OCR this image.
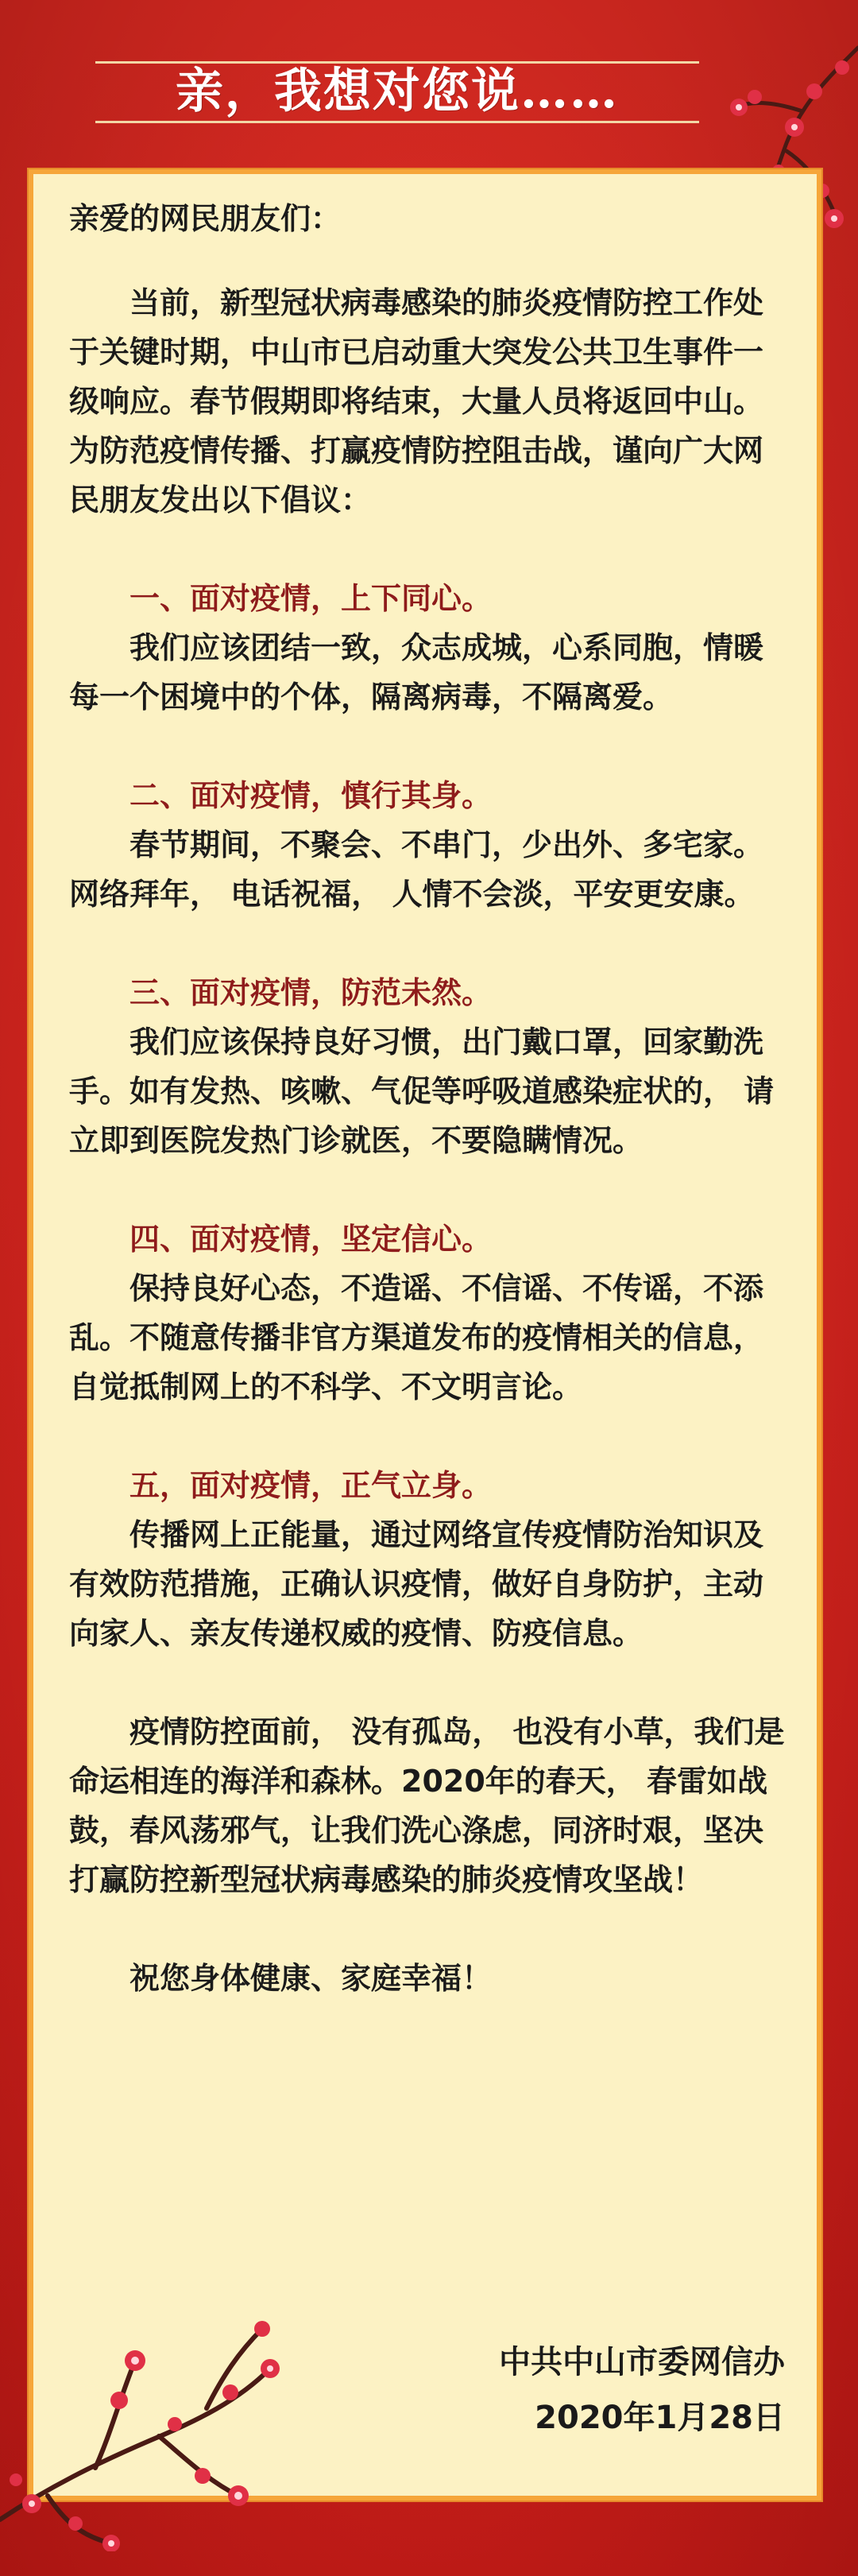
亲，我想对您说……

亲爱的网民朋友们：

当前，新型冠状病毒感染的肺炎疫情防控工作处于关键时期，中山市已启动重大突发公共卫生事件一级响应。春节假期即将结束，大量人员将返回中山。为防范疫情传播、打赢疫情防控阻击战，谨向广大网民朋友发出以下倡议：

一、面对疫情，上下同心。

我们应该团结一致，众志成城，心系同胞，情暖每一个困境中的个体，隔离病毒，不隔离爱。

二、面对疫情，慎行其身。

春节期间，不聚会、不串门，少出外、多宅家。网络拜年， 电话祝福， 人情不会淡，平安更安康。

三、面对疫情，防范未然。

我们应该保持良好习惯，出门戴口罩，回家勤洗手。如有发热、咳嗽、气促等呼吸道感染症状的， 请立即到医院发热门诊就医，不要隐瞒情况。

四、面对疫情，坚定信心。

保持良好心态，不造谣、不信谣、不传谣，不添乱。不随意传播非官方渠道发布的疫情相关的信息，自觉抵制网上的不科学、不文明言论。

五，面对疫情，正气立身。

传播网上正能量，通过网络宣传疫情防治知识及有效防范措施，正确认识疫情，做好自身防护，主动向家人、亲友传递权威的疫情、防疫信息。

疫情防控面前， 没有孤岛， 也没有小草，我们是命运相连的海洋和森林。2020年的春天， 春雷如战鼓，春风荡邪气，让我们洗心涤虑，同济时艰，坚决打赢防控新型冠状病毒感染的肺炎疫情攻坚战！

祝您身体健康、家庭幸福！

中共中山市委网信办
2020年1月28日
